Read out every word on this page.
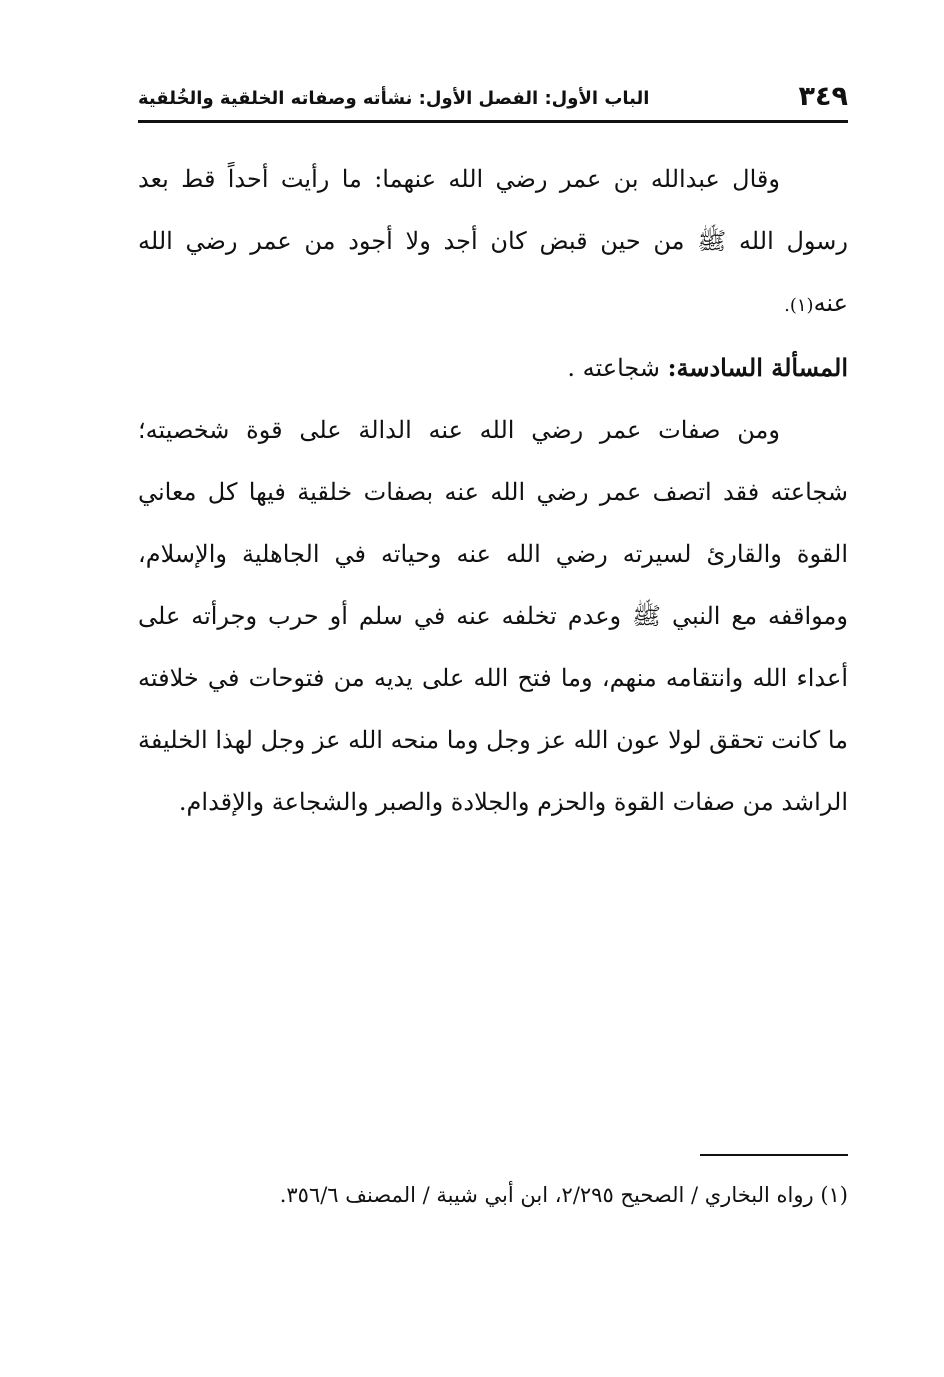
٣٤٩
الباب الأول: الفصل الأول: نشأته وصفاته الخلقية والخُلقية

وقال عبدالله بن عمر رضي الله عنهما: ما رأيت أحداً قط بعد رسول الله ﷺ من حين قبض كان أجد ولا أجود من عمر رضي الله عنه(١).

المسألة السادسة: شجاعته .

ومن صفات عمر رضي الله عنه الدالة على قوة شخصيته؛ شجاعته فقد اتصف عمر رضي الله عنه بصفات خلقية فيها كل معاني القوة والقارئ لسيرته رضي الله عنه وحياته في الجاهلية والإسلام، ومواقفه مع النبي ﷺ وعدم تخلفه عنه في سلم أو حرب وجرأته على أعداء الله وانتقامه منهم، وما فتح الله على يديه من فتوحات في خلافته ما كانت تحقق لولا عون الله عز وجل وما منحه الله عز وجل لهذا الخليفة الراشد من صفات القوة والحزم والجلادة والصبر والشجاعة والإقدام.

(١) رواه البخاري / الصحيح ٢/٢٩٥، ابن أبي شيبة / المصنف ٣٥٦/٦.
